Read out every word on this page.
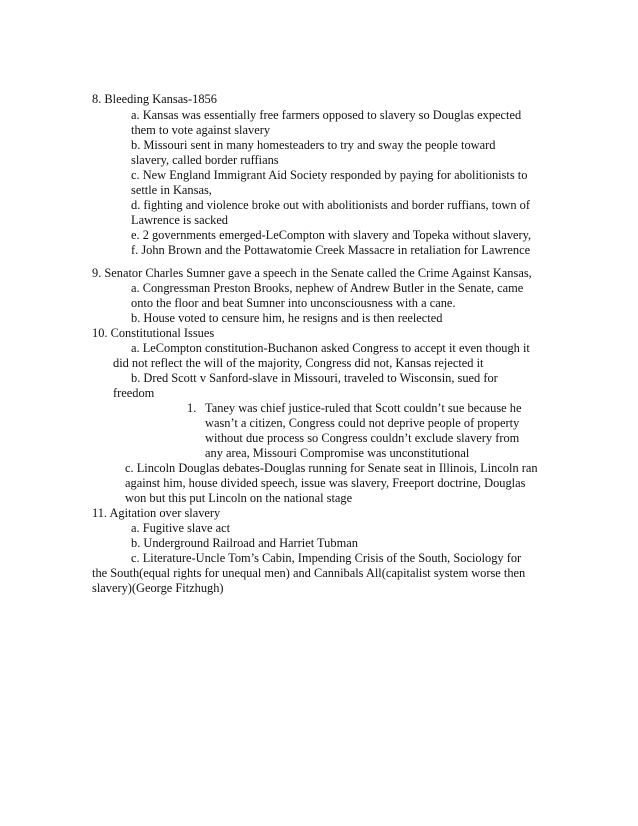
8. Bleeding Kansas-1856
a. Kansas was essentially free farmers opposed to slavery so Douglas expected
them to vote against slavery
b. Missouri sent in many homesteaders to try and sway the people toward
slavery, called border ruffians
c. New England Immigrant Aid Society responded by paying for abolitionists to
settle in Kansas,
d. fighting and violence broke out with abolitionists and border ruffians, town of
Lawrence is sacked
e. 2 governments emerged-LeCompton with slavery and Topeka without slavery,
f. John Brown and the Pottawatomie Creek Massacre in retaliation for Lawrence
9. Senator Charles Sumner gave a speech in the Senate called the Crime Against Kansas,
a. Congressman Preston Brooks, nephew of Andrew Butler in the Senate, came
onto the floor and beat Sumner into unconsciousness with a cane.
b. House voted to censure him, he resigns and is then reelected
10. Constitutional Issues
a. LeCompton constitution-Buchanon asked Congress to accept it even though it
did not reflect the will of the majority, Congress did not, Kansas rejected it
b. Dred Scott v Sanford-slave in Missouri, traveled to Wisconsin, sued for
freedom
1. Taney was chief justice-ruled that Scott couldn’t sue because he
wasn’t a citizen, Congress could not deprive people of property
without due process so Congress couldn’t exclude slavery from
any area, Missouri Compromise was unconstitutional
c. Lincoln Douglas debates-Douglas running for Senate seat in Illinois, Lincoln ran
against him, house divided speech, issue was slavery, Freeport doctrine, Douglas
won but this put Lincoln on the national stage
11. Agitation over slavery
a. Fugitive slave act
b. Underground Railroad and Harriet Tubman
c. Literature-Uncle Tom’s Cabin, Impending Crisis of the South, Sociology for
the South(equal rights for unequal men) and Cannibals All(capitalist system worse then
slavery)(George Fitzhugh)
